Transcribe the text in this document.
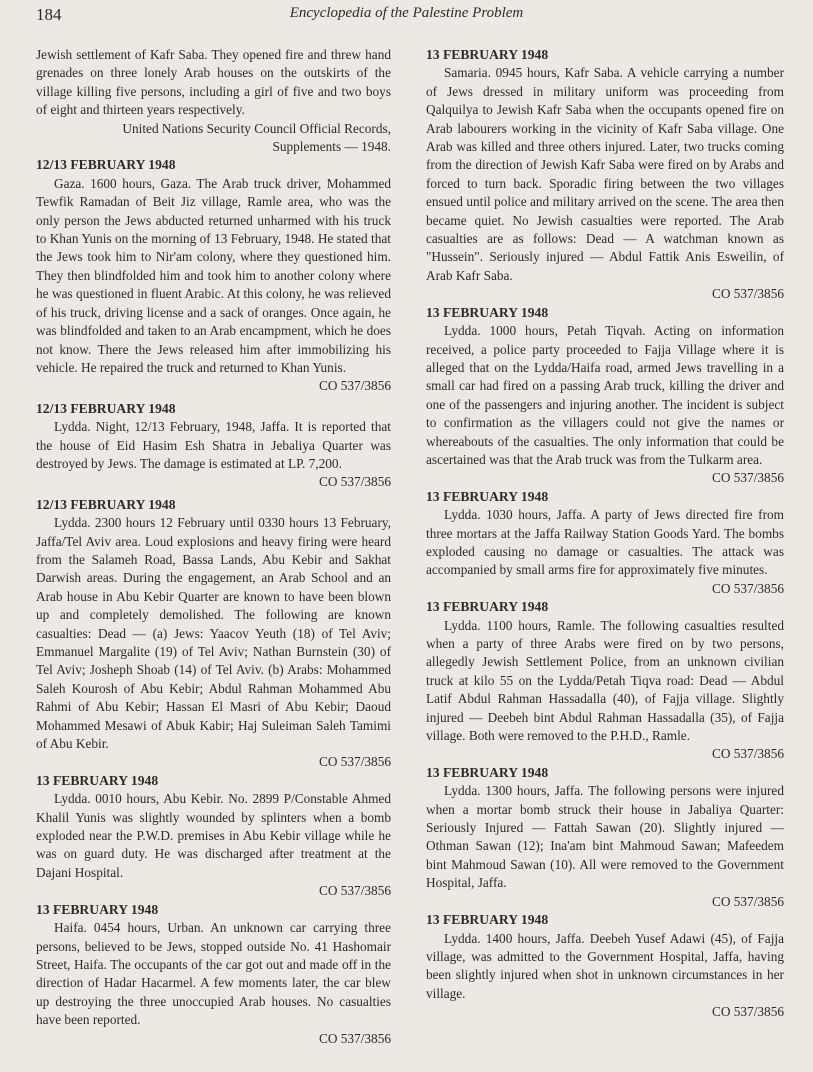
184	Encyclopedia of the Palestine Problem

Jewish settlement of Kafr Saba. They opened fire and threw hand grenades on three lonely Arab houses on the outskirts of the village killing five persons, including a girl of five and two boys of eight and thirteen years respectively.

United Nations Security Council Official Records,

Supplements — 1948.

12/13 FEBRUARY 1948

Gaza. 1600 hours, Gaza. The Arab truck driver, Mohammed Tewfik Ramadan of Beit Jiz village, Ramle area, who was the only person the Jews abducted returned unharmed with his truck to Khan Yunis on the morning of 13 February, 1948. He stated that the Jews took him to Nir'am colony, where they questioned him. They then blindfolded him and took him to another colony where he was questioned in fluent Arabic. At this colony, he was relieved of his truck, driving license and a sack of oranges. Once again, he was blindfolded and taken to an Arab encampment, which he does not know. There the Jews released him after immobilizing his vehicle. He repaired the truck and returned to Khan Yunis.

CO 537/3856

12/13 FEBRUARY 1948

Lydda. Night, 12/13 February, 1948, Jaffa. It is reported that the house of Eid Hasim Esh Shatra in Jebaliya Quarter was destroyed by Jews. The damage is estimated at LP. 7,200.

CO 537/3856

12/13 FEBRUARY 1948

Lydda. 2300 hours 12 February until 0330 hours 13 February, Jaffa/Tel Aviv area. Loud explosions and heavy firing were heard from the Salameh Road, Bassa Lands, Abu Kebir and Sakhat Darwish areas. During the engagement, an Arab School and an Arab house in Abu Kebir Quarter are known to have been blown up and completely demolished. The following are known casualties: Dead — (a) Jews: Yaacov Yeuth (18) of Tel Aviv; Emmanuel Margalite (19) of Tel Aviv; Nathan Burnstein (30) of Tel Aviv; Josheph Shoab (14) of Tel Aviv. (b) Arabs: Mohammed Saleh Kourosh of Abu Kebir; Abdul Rahman Mohammed Abu Rahmi of Abu Kebir; Hassan El Masri of Abu Kebir; Daoud Mohammed Mesawi of Abuk Kabir; Haj Suleiman Saleh Tamimi of Abu Kebir.

CO 537/3856

13 FEBRUARY 1948

Lydda. 0010 hours, Abu Kebir. No. 2899 P/Constable Ahmed Khalil Yunis was slightly wounded by splinters when a bomb exploded near the P.W.D. premises in Abu Kebir village while he was on guard duty. He was discharged after treatment at the Dajani Hospital.

CO 537/3856

13 FEBRUARY 1948

Haifa. 0454 hours, Urban. An unknown car carrying three persons, believed to be Jews, stopped outside No. 41 Hashomair Street, Haifa. The occupants of the car got out and made off in the direction of Hadar Hacarmel. A few moments later, the car blew up destroying the three unoccupied Arab houses. No casualties have been reported.

CO 537/3856

13 FEBRUARY 1948

Samaria. 0945 hours, Kafr Saba. A vehicle carrying a number of Jews dressed in military uniform was proceeding from Qalquilya to Jewish Kafr Saba when the occupants opened fire on Arab labourers working in the vicinity of Kafr Saba village. One Arab was killed and three others injured. Later, two trucks coming from the direction of Jewish Kafr Saba were fired on by Arabs and forced to turn back. Sporadic firing between the two villages ensued until police and military arrived on the scene. The area then became quiet. No Jewish casualties were reported. The Arab casualties are as follows: Dead — A watchman known as "Hussein". Seriously injured — Abdul Fattik Anis Esweilin, of Arab Kafr Saba.

CO 537/3856

13 FEBRUARY 1948

Lydda. 1000 hours, Petah Tiqvah. Acting on information received, a police party proceeded to Fajja Village where it is alleged that on the Lydda/Haifa road, armed Jews travelling in a small car had fired on a passing Arab truck, killing the driver and one of the passengers and injuring another. The incident is subject to confirmation as the villagers could not give the names or whereabouts of the casualties. The only information that could be ascertained was that the Arab truck was from the Tulkarm area.

CO 537/3856

13 FEBRUARY 1948

Lydda. 1030 hours, Jaffa. A party of Jews directed fire from three mortars at the Jaffa Railway Station Goods Yard. The bombs exploded causing no damage or casualties. The attack was accompanied by small arms fire for approximately five minutes.

CO 537/3856

13 FEBRUARY 1948

Lydda. 1100 hours, Ramle. The following casualties resulted when a party of three Arabs were fired on by two persons, allegedly Jewish Settlement Police, from an unknown civilian truck at kilo 55 on the Lydda/Petah Tiqva road: Dead — Abdul Latif Abdul Rahman Hassadalla (40), of Fajja village. Slightly injured — Deebeh bint Abdul Rahman Hassadalla (35), of Fajja village. Both were removed to the P.H.D., Ramle.

CO 537/3856

13 FEBRUARY 1948

Lydda. 1300 hours, Jaffa. The following persons were injured when a mortar bomb struck their house in Jabaliya Quarter: Seriously Injured — Fattah Sawan (20). Slightly injured — Othman Sawan (12); Ina'am bint Mahmoud Sawan; Mafeedem bint Mahmoud Sawan (10). All were removed to the Government Hospital, Jaffa.

CO 537/3856

13 FEBRUARY 1948

Lydda. 1400 hours, Jaffa. Deebeh Yusef Adawi (45), of Fajja village, was admitted to the Government Hospital, Jaffa, having been slightly injured when shot in unknown circumstances in her village.

CO 537/3856
